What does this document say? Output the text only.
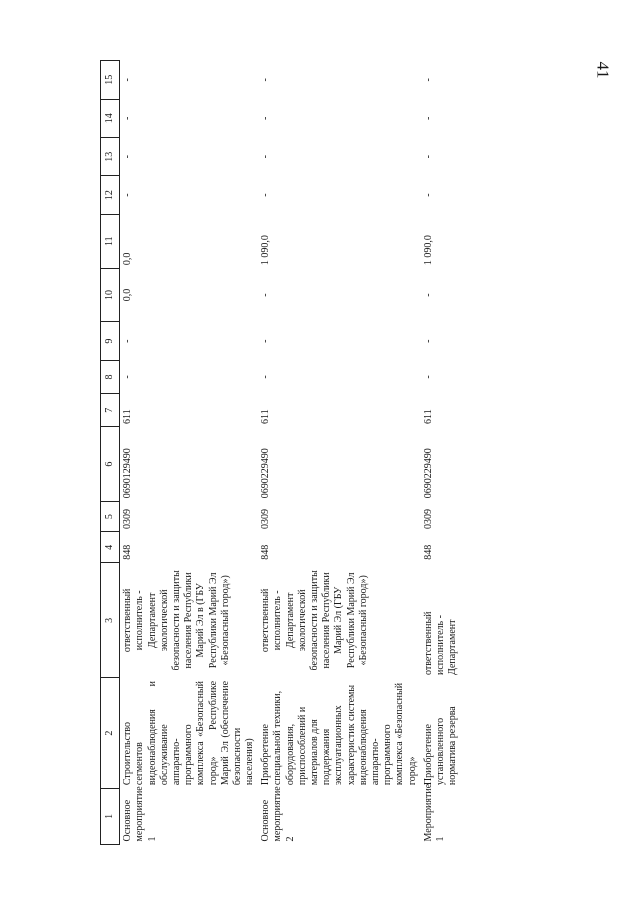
41
1	2	3	4	5	6	7	8	9	10	11	12	13	14	15
Основное мероприятие 1	Строительство сегментов видеонаблюдения и обслуживание аппаратно-программного комплекса «Безопасный город» Республике Марий Эл (обеспечение безопасности населения)	ответственный исполнитель - Департамент экологической безопасности и защиты населения Республики Марий Эл в (ГБУ Республики Марий Эл «Безопасный город»)	848	0309	0690129490	611	-	-	0,0	0,0	-	-	-	-
Основное мероприятие 2	Приобретение специальной техники, оборудования, приспособлений и материалов для поддержания эксплуатационных характеристик системы видеонаблюдения аппаратно-программного комплекса «Безопасный город»	ответственный исполнитель - Департамент экологической безопасности и защиты населения Республики Марий Эл (ГБУ Республики Марий Эл «Безопасный город»)	848	0309	0690229490	611	-	-	-	1 090,0	-	-	-	-
Мероприятие 1	Приобретение установленного норматива резерва	ответственный исполнитель - Департамент	848	0309	0690229490	611	-	-	-	1 090,0	-	-	-	-
